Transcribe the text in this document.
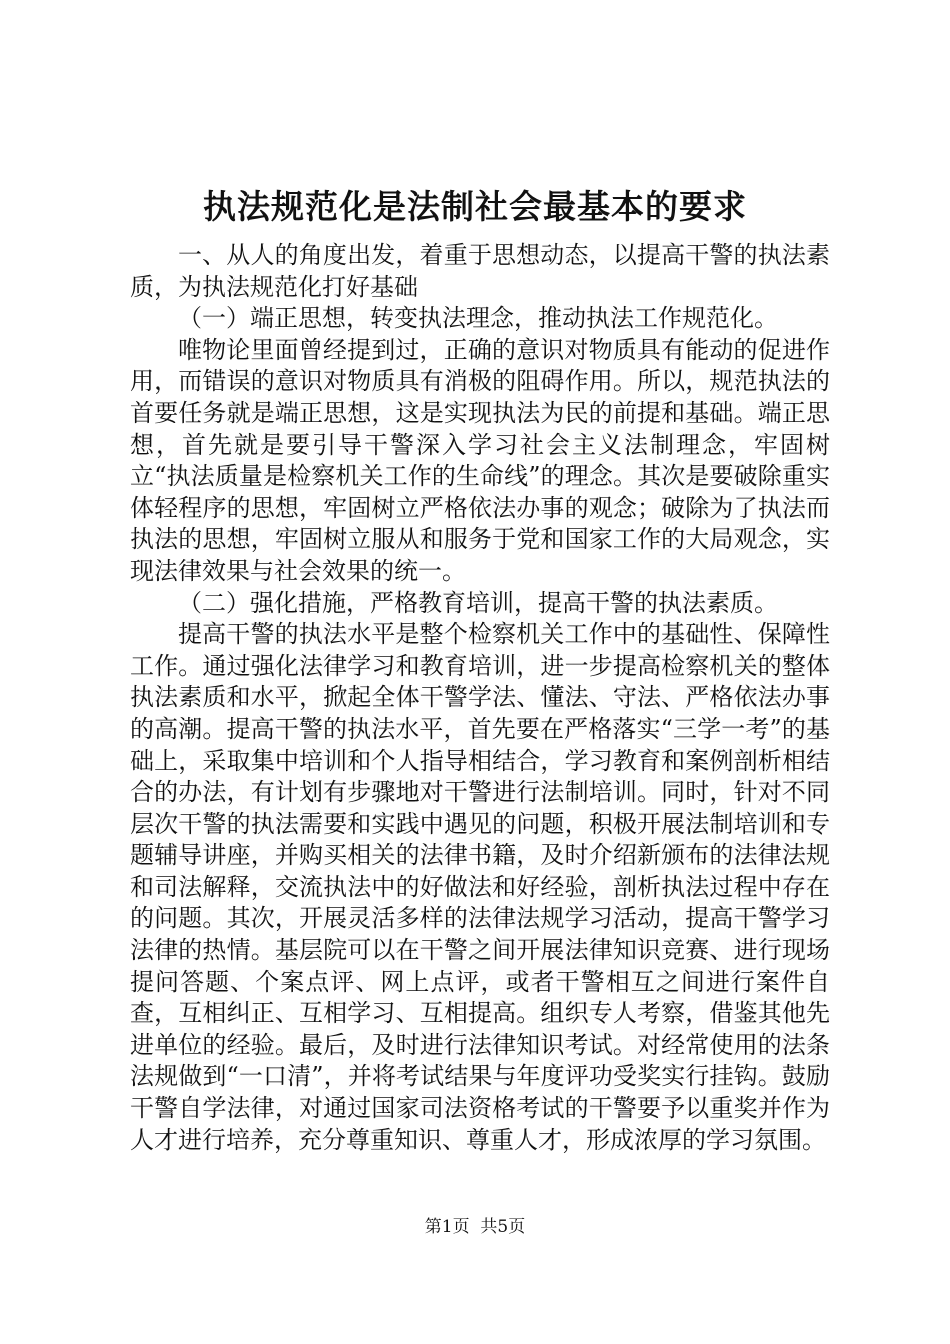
执法规范化是法制社会最基本的要求

一、从人的角度出发，着重于思想动态，以提高干警的执法素质，为执法规范化打好基础

（一）端正思想，转变执法理念，推动执法工作规范化。

唯物论里面曾经提到过，正确的意识对物质具有能动的促进作用，而错误的意识对物质具有消极的阻碍作用。所以，规范执法的首要任务就是端正思想，这是实现执法为民的前提和基础。端正思想，首先就是要引导干警深入学习社会主义法制理念，牢固树立“执法质量是检察机关工作的生命线”的理念。其次是要破除重实体轻程序的思想，牢固树立严格依法办事的观念；破除为了执法而执法的思想，牢固树立服从和服务于党和国家工作的大局观念，实现法律效果与社会效果的统一。

（二）强化措施，严格教育培训，提高干警的执法素质。

提高干警的执法水平是整个检察机关工作中的基础性、保障性工作。通过强化法律学习和教育培训，进一步提高检察机关的整体执法素质和水平，掀起全体干警学法、懂法、守法、严格依法办事的高潮。提高干警的执法水平，首先要在严格落实“三学一考”的基础上，采取集中培训和个人指导相结合，学习教育和案例剖析相结合的办法，有计划有步骤地对干警进行法制培训。同时，针对不同层次干警的执法需要和实践中遇见的问题，积极开展法制培训和专题辅导讲座，并购买相关的法律书籍，及时介绍新颁布的法律法规和司法解释，交流执法中的好做法和好经验，剖析执法过程中存在的问题。其次，开展灵活多样的法律法规学习活动，提高干警学习法律的热情。基层院可以在干警之间开展法律知识竞赛、进行现场提问答题、个案点评、网上点评，或者干警相互之间进行案件自查，互相纠正、互相学习、互相提高。组织专人考察，借鉴其他先进单位的经验。最后，及时进行法律知识考试。对经常使用的法条法规做到“一口清”，并将考试结果与年度评功受奖实行挂钩。鼓励干警自学法律，对通过国家司法资格考试的干警要予以重奖并作为人才进行培养，充分尊重知识、尊重人才，形成浓厚的学习氛围。

第1页  共5页
